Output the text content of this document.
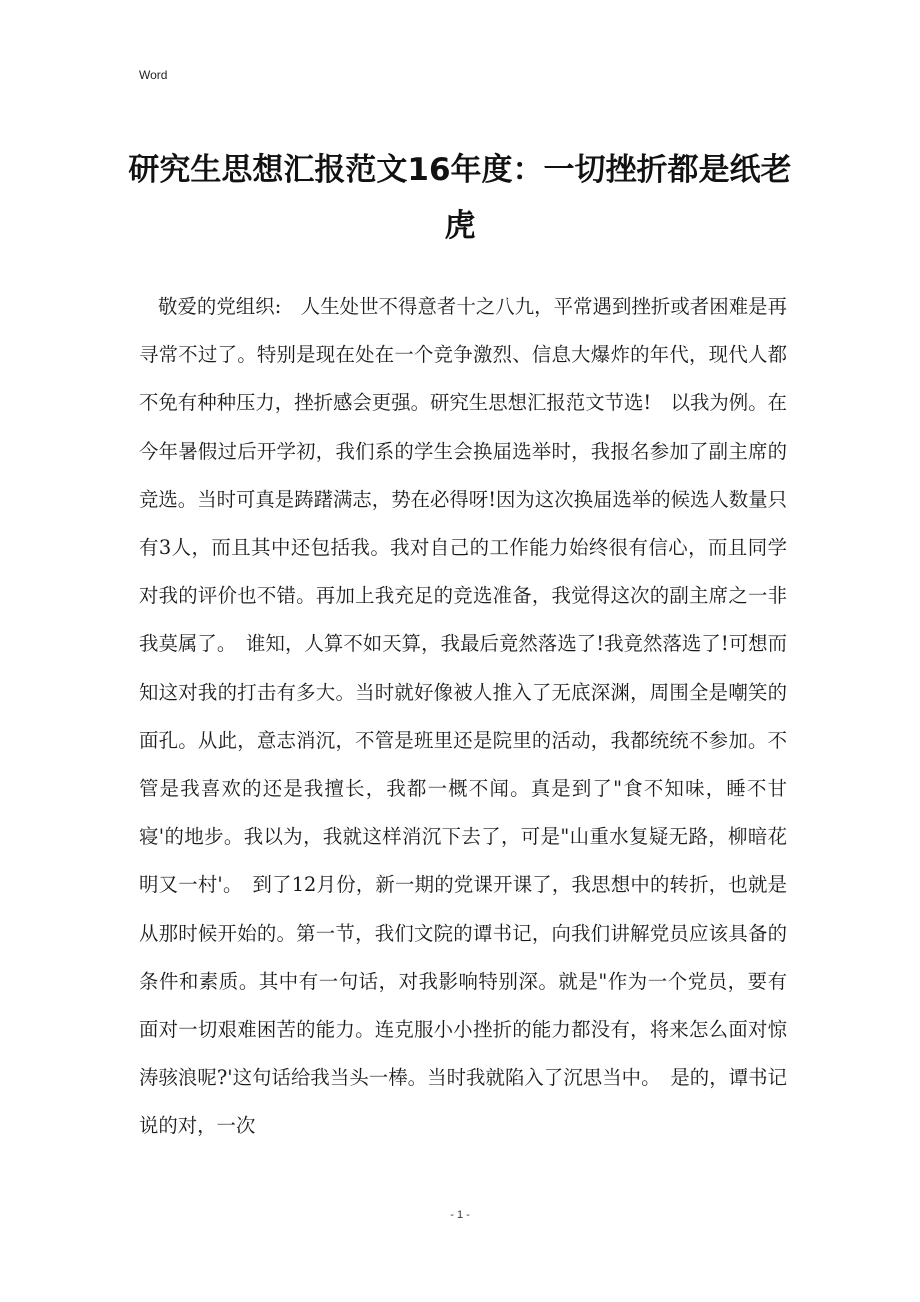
Word
研究生思想汇报范文16年度：一切挫折都是纸老虎

敬爱的党组织:　人生处世不得意者十之八九，平常遇到挫折或者困难是再寻常不过了。特别是现在处在一个竞争激烈、信息大爆炸的年代，现代人都不免有种种压力，挫折感会更强。研究生思想汇报范文节选!　以我为例。在今年暑假过后开学初，我们系的学生会换届选举时，我报名参加了副主席的竞选。当时可真是踌躇满志，势在必得呀!因为这次换届选举的候选人数量只有3人，而且其中还包括我。我对自己的工作能力始终很有信心，而且同学对我的评价也不错。再加上我充足的竞选准备，我觉得这次的副主席之一非我莫属了。　谁知，人算不如天算，我最后竟然落选了!我竟然落选了!可想而知这对我的打击有多大。当时就好像被人推入了无底深渊，周围全是嘲笑的面孔。从此，意志消沉，不管是班里还是院里的活动，我都统统不参加。不管是我喜欢的还是我擅长，我都一概不闻。真是到了"食不知味，睡不甘寝'的地步。我以为，我就这样消沉下去了，可是"山重水复疑无路，柳暗花明又一村'。　到了12月份，新一期的党课开课了，我思想中的转折，也就是从那时候开始的。第一节，我们文院的谭书记，向我们讲解党员应该具备的条件和素质。其中有一句话，对我影响特别深。就是"作为一个党员，要有面对一切艰难困苦的能力。连克服小小挫折的能力都没有，将来怎么面对惊涛骇浪呢?'这句话给我当头一棒。当时我就陷入了沉思当中。　是的，谭书记说的对，一次

- 1 -
